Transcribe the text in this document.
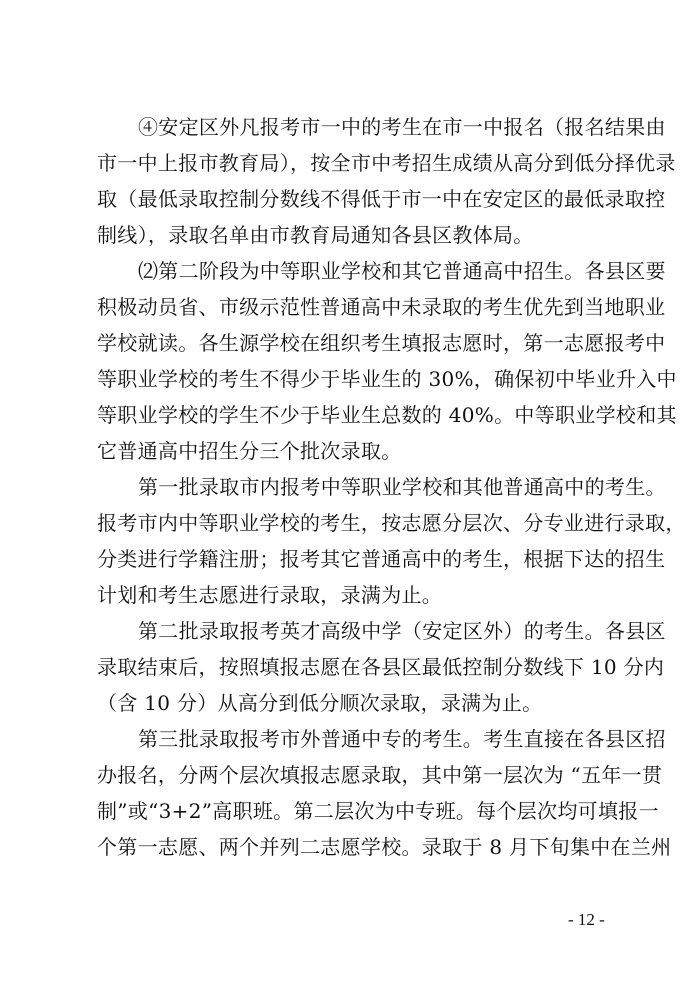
④安定区外凡报考市一中的考生在市一中报名（报名结果由
市一中上报市教育局），按全市中考招生成绩从高分到低分择优录
取（最低录取控制分数线不得低于市一中在安定区的最低录取控
制线），录取名单由市教育局通知各县区教体局。
⑵第二阶段为中等职业学校和其它普通高中招生。各县区要
积极动员省、市级示范性普通高中未录取的考生优先到当地职业
学校就读。各生源学校在组织考生填报志愿时，第一志愿报考中
等职业学校的考生不得少于毕业生的 30%，确保初中毕业升入中
等职业学校的学生不少于毕业生总数的 40%。中等职业学校和其
它普通高中招生分三个批次录取。
第一批录取市内报考中等职业学校和其他普通高中的考生。
报考市内中等职业学校的考生，按志愿分层次、分专业进行录取，
分类进行学籍注册；报考其它普通高中的考生，根据下达的招生
计划和考生志愿进行录取，录满为止。
第二批录取报考英才高级中学（安定区外）的考生。各县区
录取结束后，按照填报志愿在各县区最低控制分数线下 10 分内
（含 10 分）从高分到低分顺次录取，录满为止。
第三批录取报考市外普通中专的考生。考生直接在各县区招
办报名，分两个层次填报志愿录取，其中第一层次为 “五年一贯
制”或“3+2”高职班。第二层次为中专班。每个层次均可填报一
个第一志愿、两个并列二志愿学校。录取于 8 月下旬集中在兰州
- 12 -
